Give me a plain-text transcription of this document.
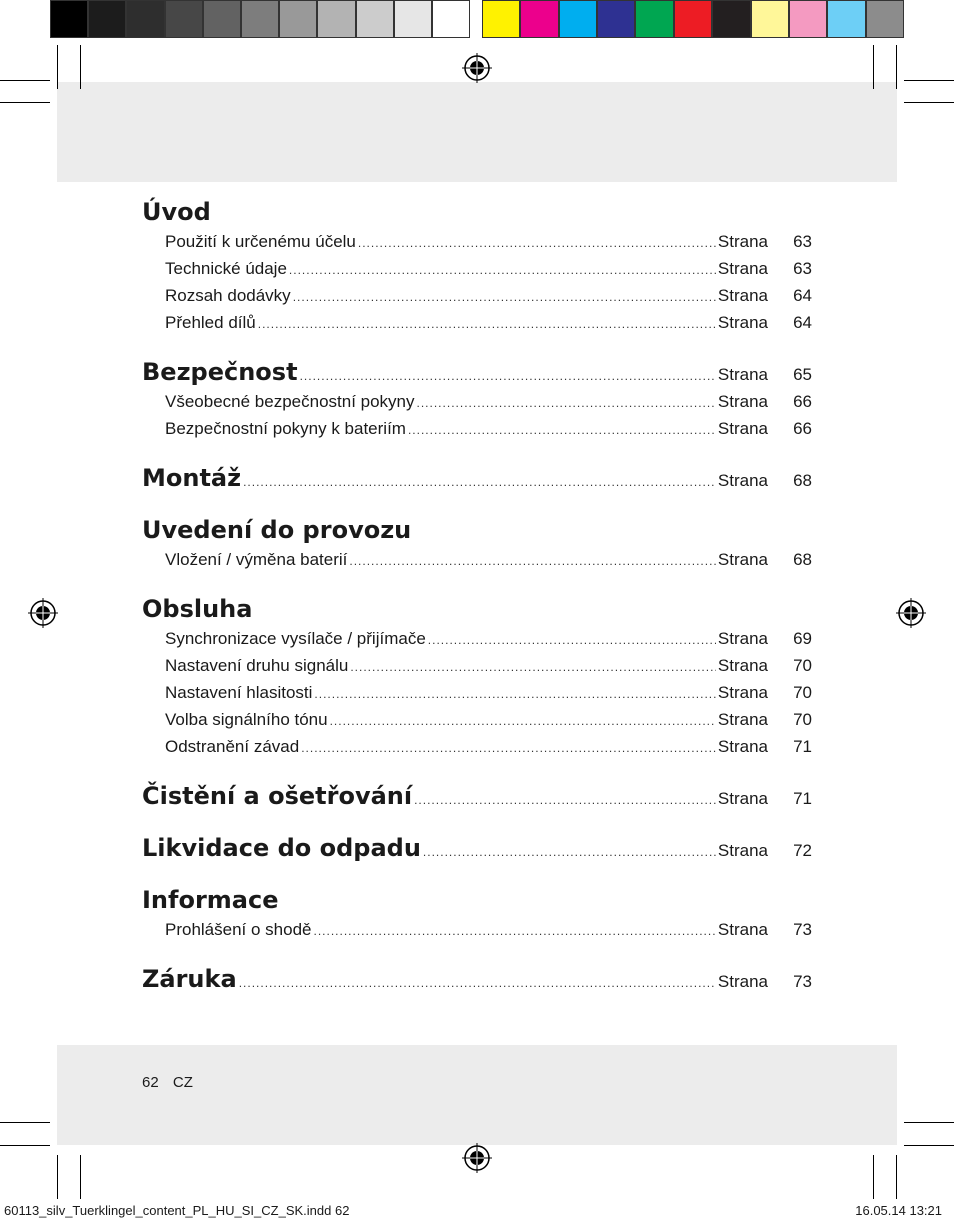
Úvod
Použití k určenému účelu .....	Strana	63
Technické údaje .....	Strana	63
Rozsah dodávky .....	Strana	64
Přehled dílů .....	Strana	64
Bezpečnost .....	Strana	65
Všeobecné bezpečnostní pokyny .....	Strana	66
Bezpečnostní pokyny k bateriím .....	Strana	66
Montáž .....	Strana	68
Uvedení do provozu
Vložení / výměna baterií .....	Strana	68
Obsluha
Synchronizace vysílače / přijímače .....	Strana	69
Nastavení druhu signálu .....	Strana	70
Nastavení hlasitosti .....	Strana	70
Volba signálního tónu .....	Strana	70
Odstranění závad .....	Strana	71
Čistění a ošetřování .....	Strana	71
Likvidace do odpadu .....	Strana	72
Informace
Prohlášení o shodě .....	Strana	73
Záruka .....	Strana	73
62 CZ
60113_silv_Tuerklingel_content_PL_HU_SI_CZ_SK.indd 62	16.05.14 13:21
